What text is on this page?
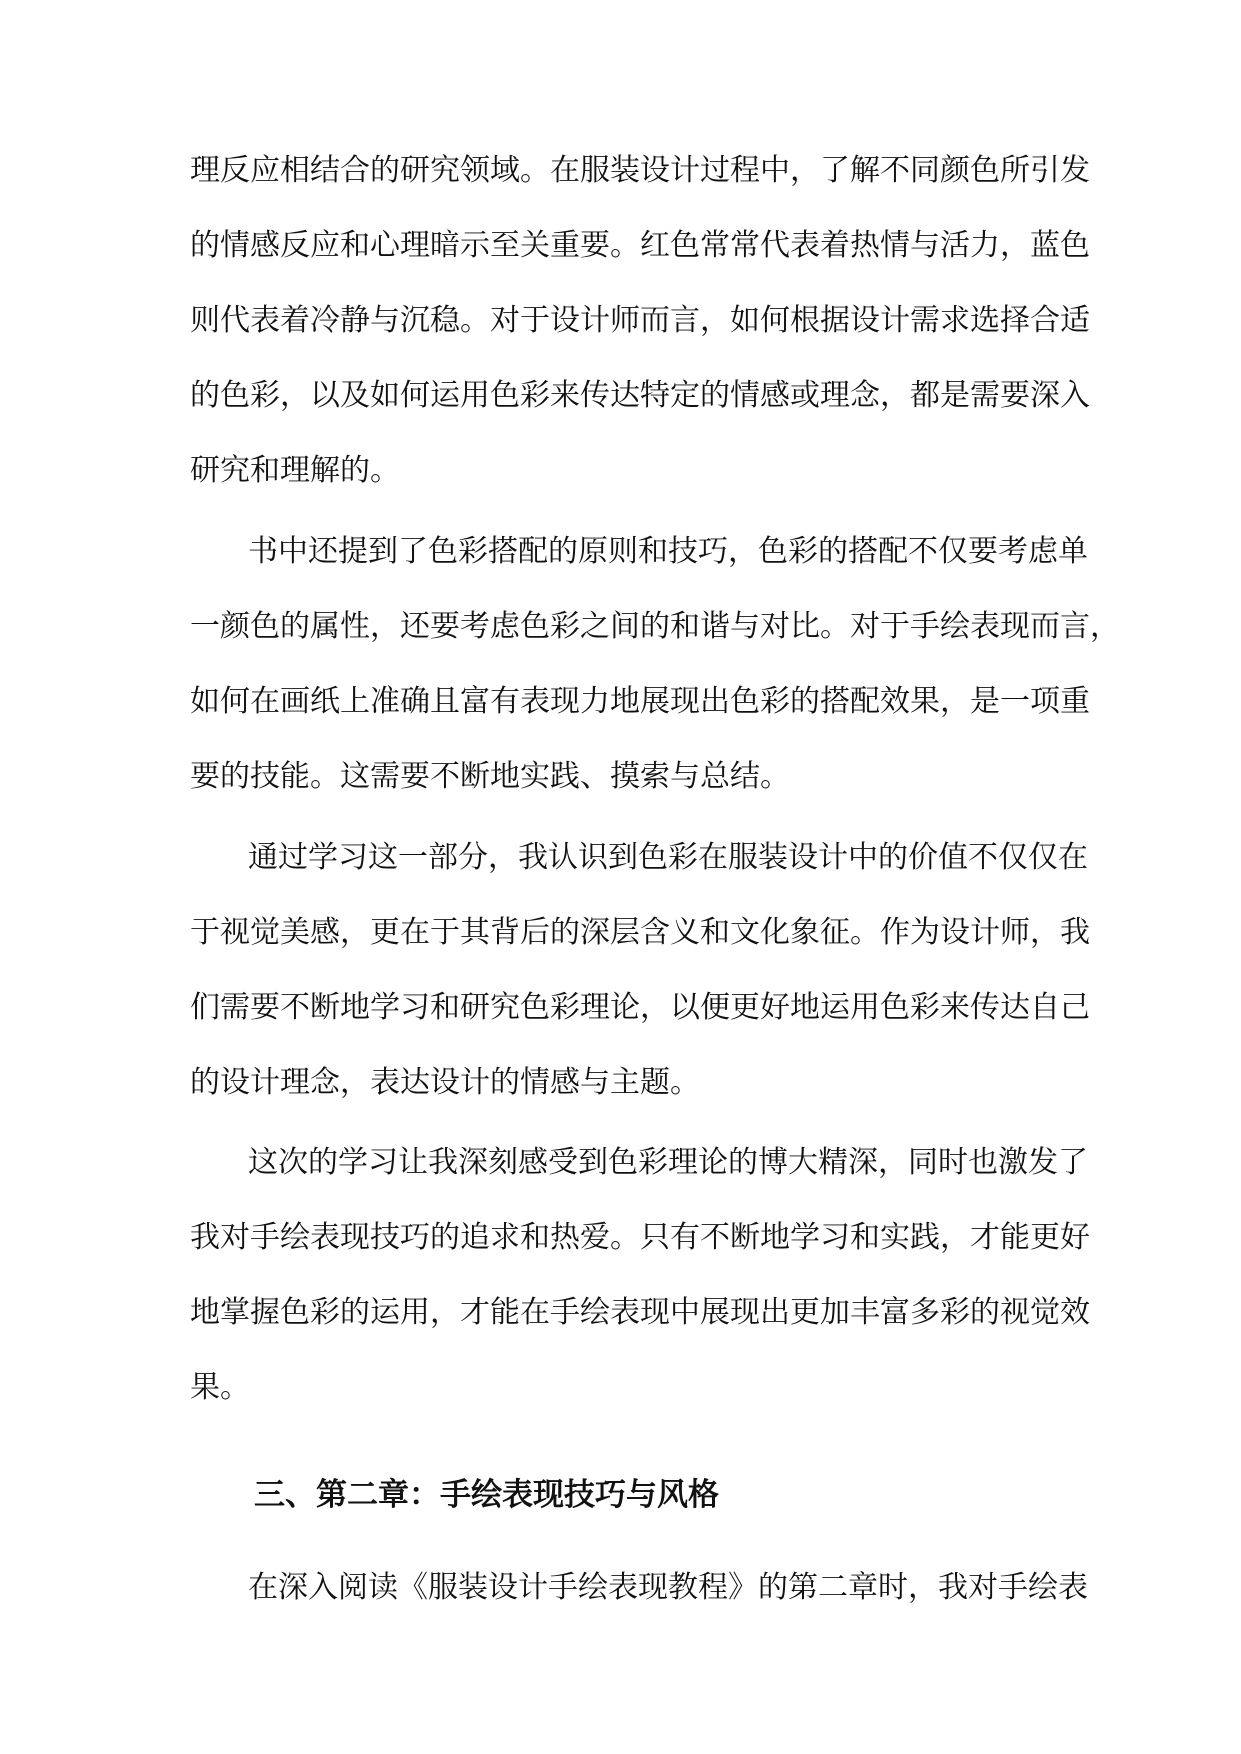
理反应相结合的研究领域。在服装设计过程中，了解不同颜色所引发
的情感反应和心理暗示至关重要。红色常常代表着热情与活力，蓝色
则代表着冷静与沉稳。对于设计师而言，如何根据设计需求选择合适
的色彩，以及如何运用色彩来传达特定的情感或理念，都是需要深入
研究和理解的。
书中还提到了色彩搭配的原则和技巧，色彩的搭配不仅要考虑单
一颜色的属性，还要考虑色彩之间的和谐与对比。对于手绘表现而言，
如何在画纸上准确且富有表现力地展现出色彩的搭配效果，是一项重
要的技能。这需要不断地实践、摸索与总结。
通过学习这一部分，我认识到色彩在服装设计中的价值不仅仅在
于视觉美感，更在于其背后的深层含义和文化象征。作为设计师，我
们需要不断地学习和研究色彩理论，以便更好地运用色彩来传达自己
的设计理念，表达设计的情感与主题。
这次的学习让我深刻感受到色彩理论的博大精深，同时也激发了
我对手绘表现技巧的追求和热爱。只有不断地学习和实践，才能更好
地掌握色彩的运用，才能在手绘表现中展现出更加丰富多彩的视觉效
果。
三、第二章：手绘表现技巧与风格
在深入阅读《服装设计手绘表现教程》的第二章时，我对手绘表
